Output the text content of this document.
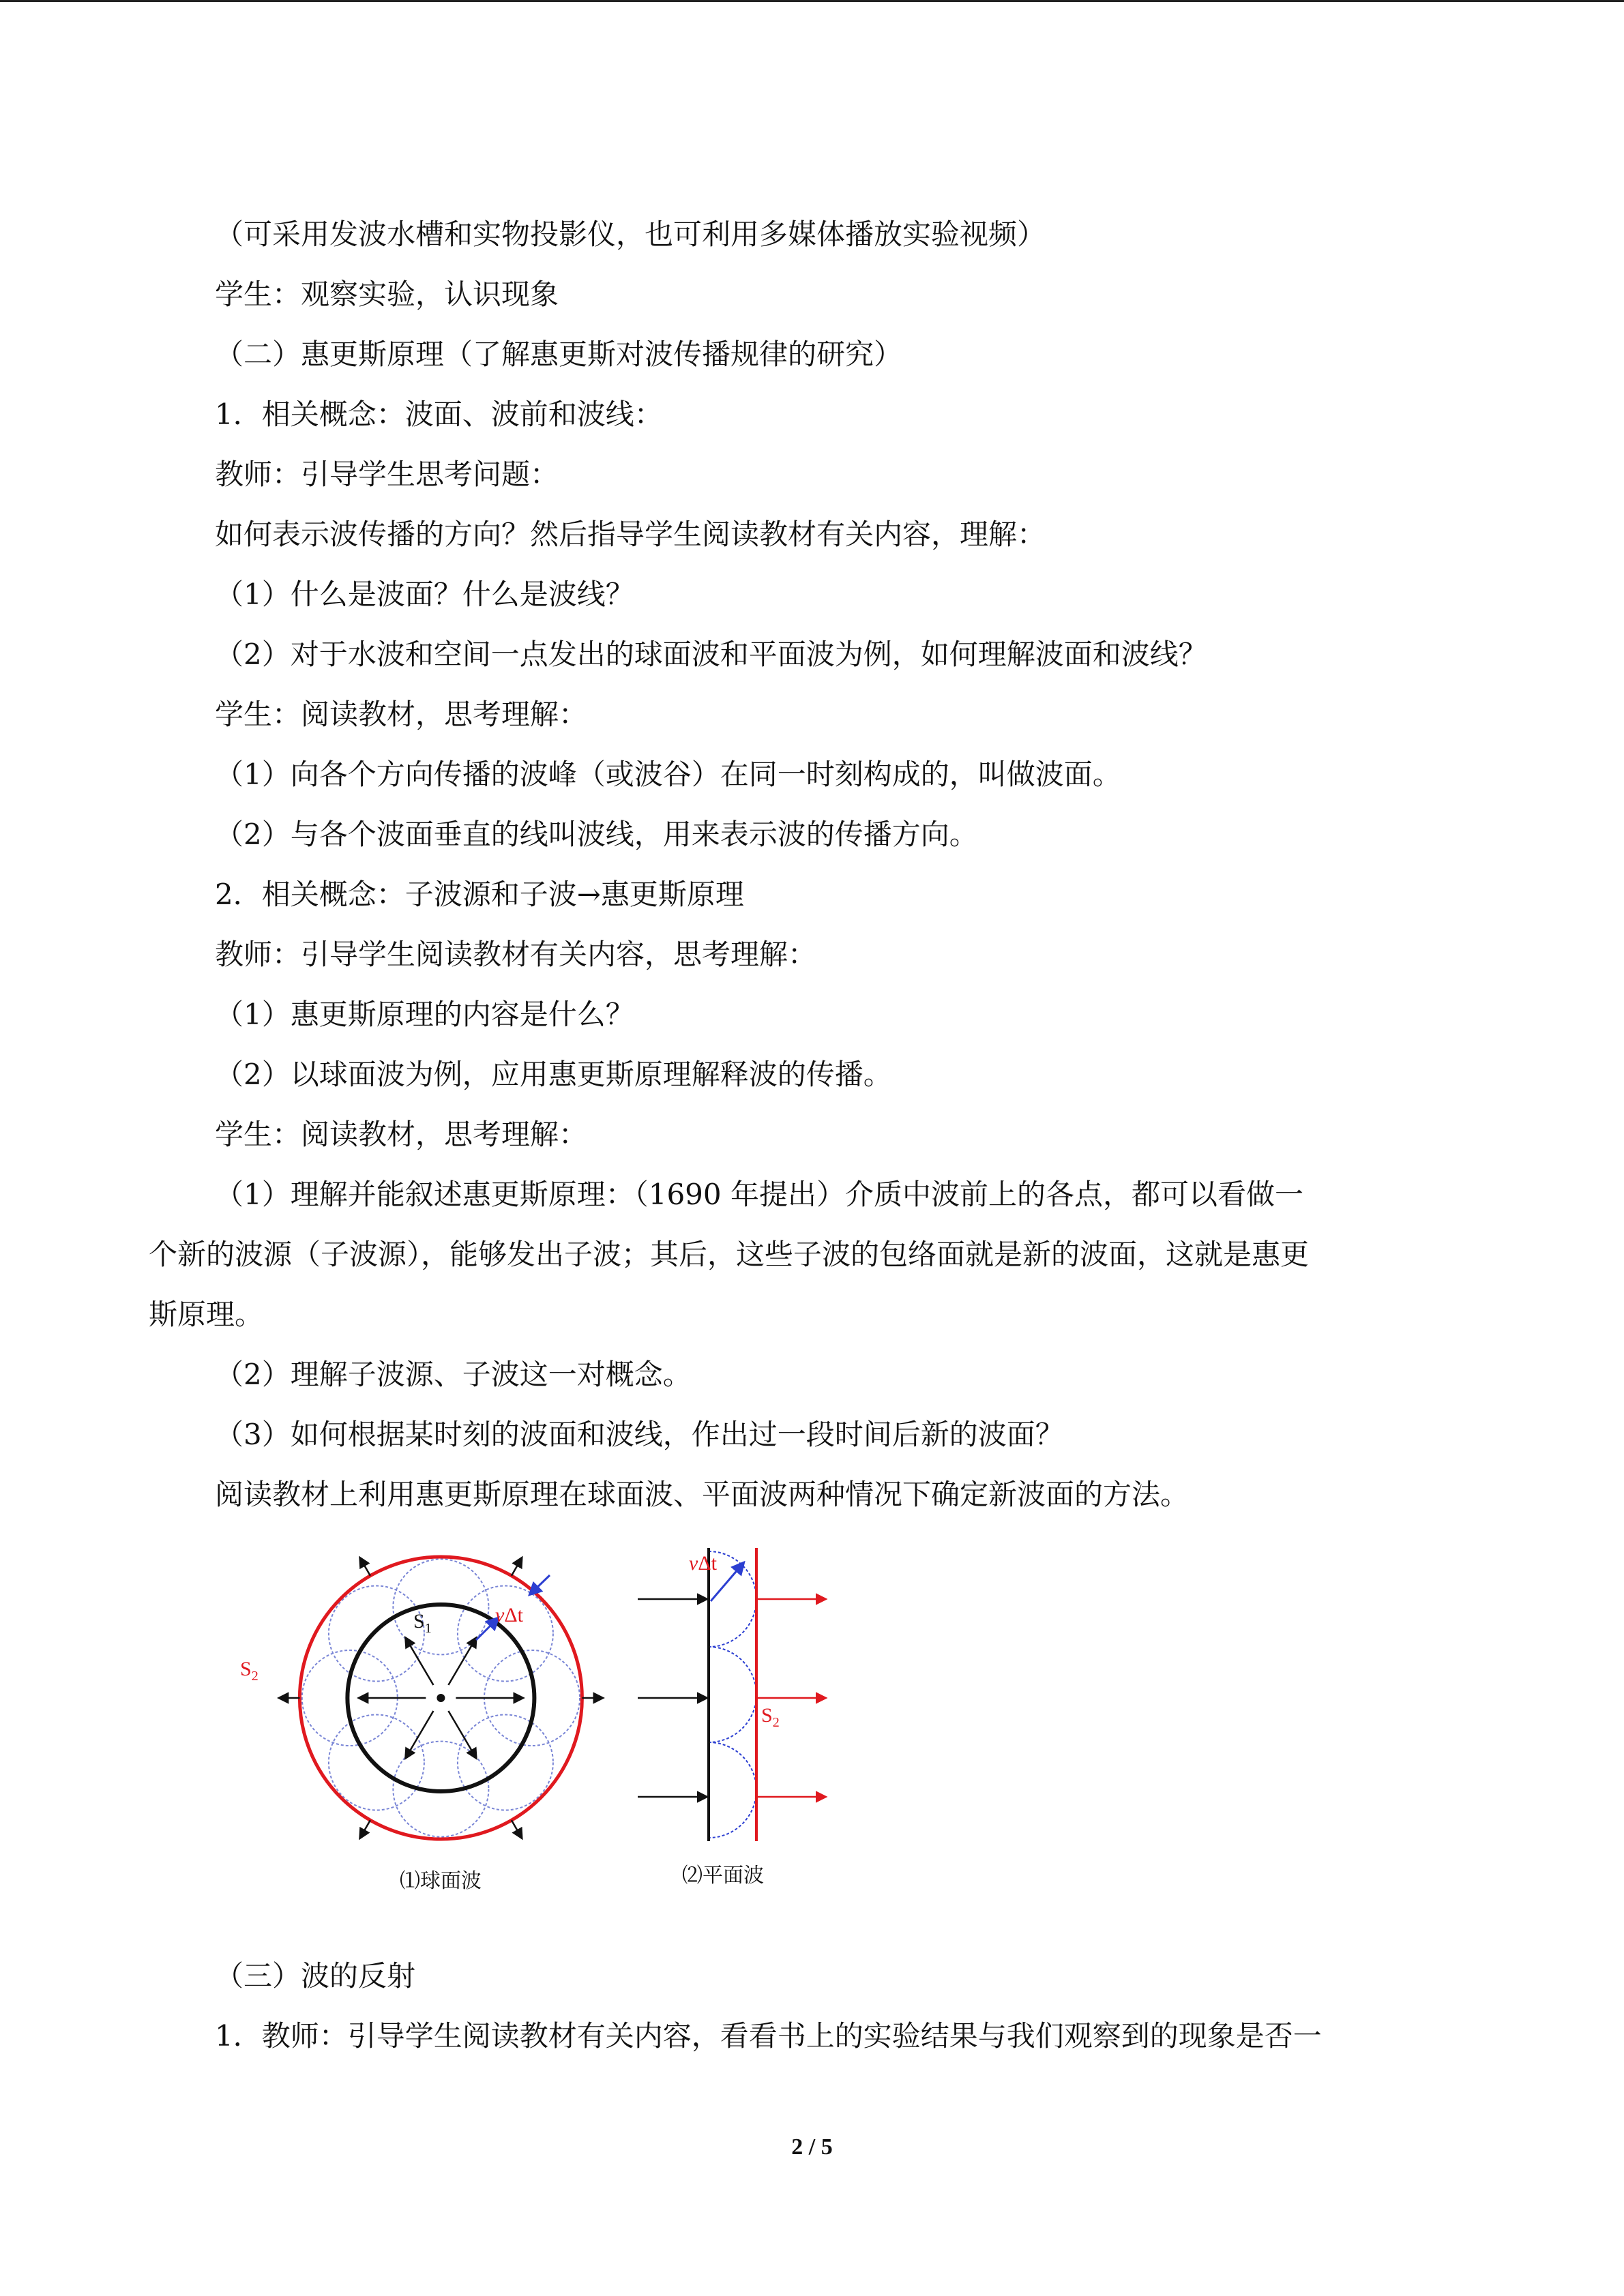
（可采用发波水槽和实物投影仪，也可利用多媒体播放实验视频）
学生：观察实验，认识现象
（二）惠更斯原理（了解惠更斯对波传播规律的研究）
1．相关概念：波面、波前和波线：
教师：引导学生思考问题：
如何表示波传播的方向？然后指导学生阅读教材有关内容，理解：
（1）什么是波面？什么是波线？
（2）对于水波和空间一点发出的球面波和平面波为例，如何理解波面和波线？
学生：阅读教材，思考理解：
（1）向各个方向传播的波峰（或波谷）在同一时刻构成的，叫做波面。
（2）与各个波面垂直的线叫波线，用来表示波的传播方向。
2．相关概念：子波源和子波→惠更斯原理
教师：引导学生阅读教材有关内容，思考理解：
（1）惠更斯原理的内容是什么？
（2）以球面波为例，应用惠更斯原理解释波的传播。
学生：阅读教材，思考理解：
（1）理解并能叙述惠更斯原理：（1690 年提出）介质中波前上的各点，都可以看做一
个新的波源（子波源），能够发出子波；其后，这些子波的包络面就是新的波面，这就是惠更
斯原理。
（2）理解子波源、子波这一对概念。
（3）如何根据某时刻的波面和波线，作出过一段时间后新的波面？
阅读教材上利用惠更斯原理在球面波、平面波两种情况下确定新波面的方法。
$S_1$
$S_2$
vΔt
⑴球面波
vΔt
$S_2$
⑵平面波
（三）波的反射
1．教师：引导学生阅读教材有关内容，看看书上的实验结果与我们观察到的现象是否一
2 / 5
